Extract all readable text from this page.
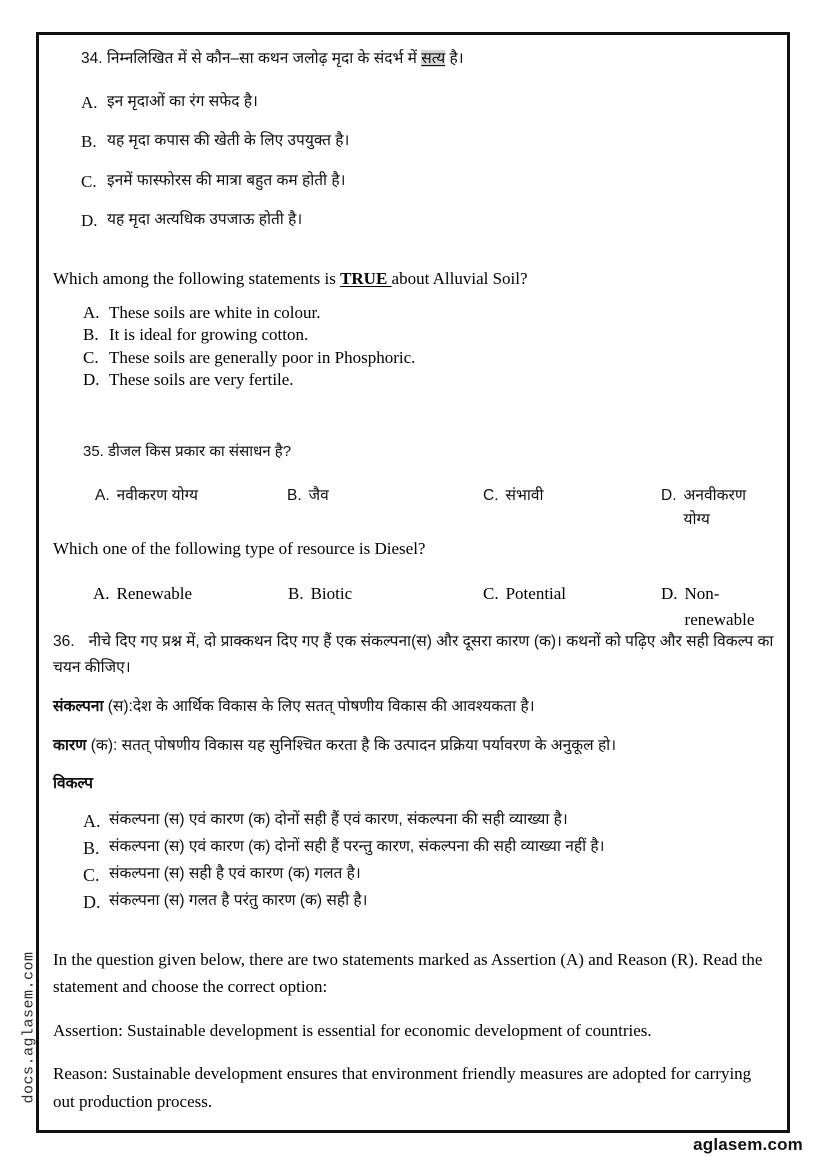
34. निम्नलिखित में से कौन–सा कथन जलोढ़ मृदा के संदर्भ में सत्य है।

A. इन मृदाओं का रंग सफेद है।
B. यह मृदा कपास की खेती के लिए उपयुक्त है।
C. इनमें फास्फोरस की मात्रा बहुत कम होती है।
D. यह मृदा अत्यधिक उपजाऊ होती है।

Which among the following statements is TRUE about Alluvial Soil?

A. These soils are white in colour.
B. It is ideal for growing cotton.
C. These soils are generally poor in Phosphoric.
D. These soils are very fertile.

35. डीजल किस प्रकार का संसाधन है?

A. नवीकरण योग्य	B. जैव	C. संभावी	D. अनवीकरण योग्य

Which one of the following type of resource is Diesel?

A. Renewable	B. Biotic	C. Potential	D. Non-renewable

36. नीचे दिए गए प्रश्न में, दो प्राक्कथन दिए गए हैं एक संकल्पना(स) और दूसरा कारण (क)। कथनों को पढ़िए और सही विकल्प का चयन कीजिए।

संकल्पना (स):देश के आर्थिक विकास के लिए सतत् पोषणीय विकास की आवश्यकता है।

कारण (क): सतत् पोषणीय विकास यह सुनिश्चित करता है कि उत्पादन प्रक्रिया पर्यावरण के अनुकूल हो।

विकल्प

A. संकल्पना (स) एवं कारण (क) दोनों सही हैं एवं कारण, संकल्पना की सही व्याख्या है।
B. संकल्पना (स) एवं कारण (क) दोनों सही हैं परन्तु कारण, संकल्पना की सही व्याख्या नहीं है।
C. संकल्पना (स) सही है एवं कारण (क) गलत है।
D. संकल्पना (स) गलत है परंतु कारण (क) सही है।

In the question given below, there are two statements marked as Assertion (A) and Reason (R). Read the statement and choose the correct option:

Assertion: Sustainable development is essential for economic development of countries.

Reason: Sustainable development ensures that environment friendly measures are adopted for carrying out production process.

docs.aglasem.com
aglasem.com
